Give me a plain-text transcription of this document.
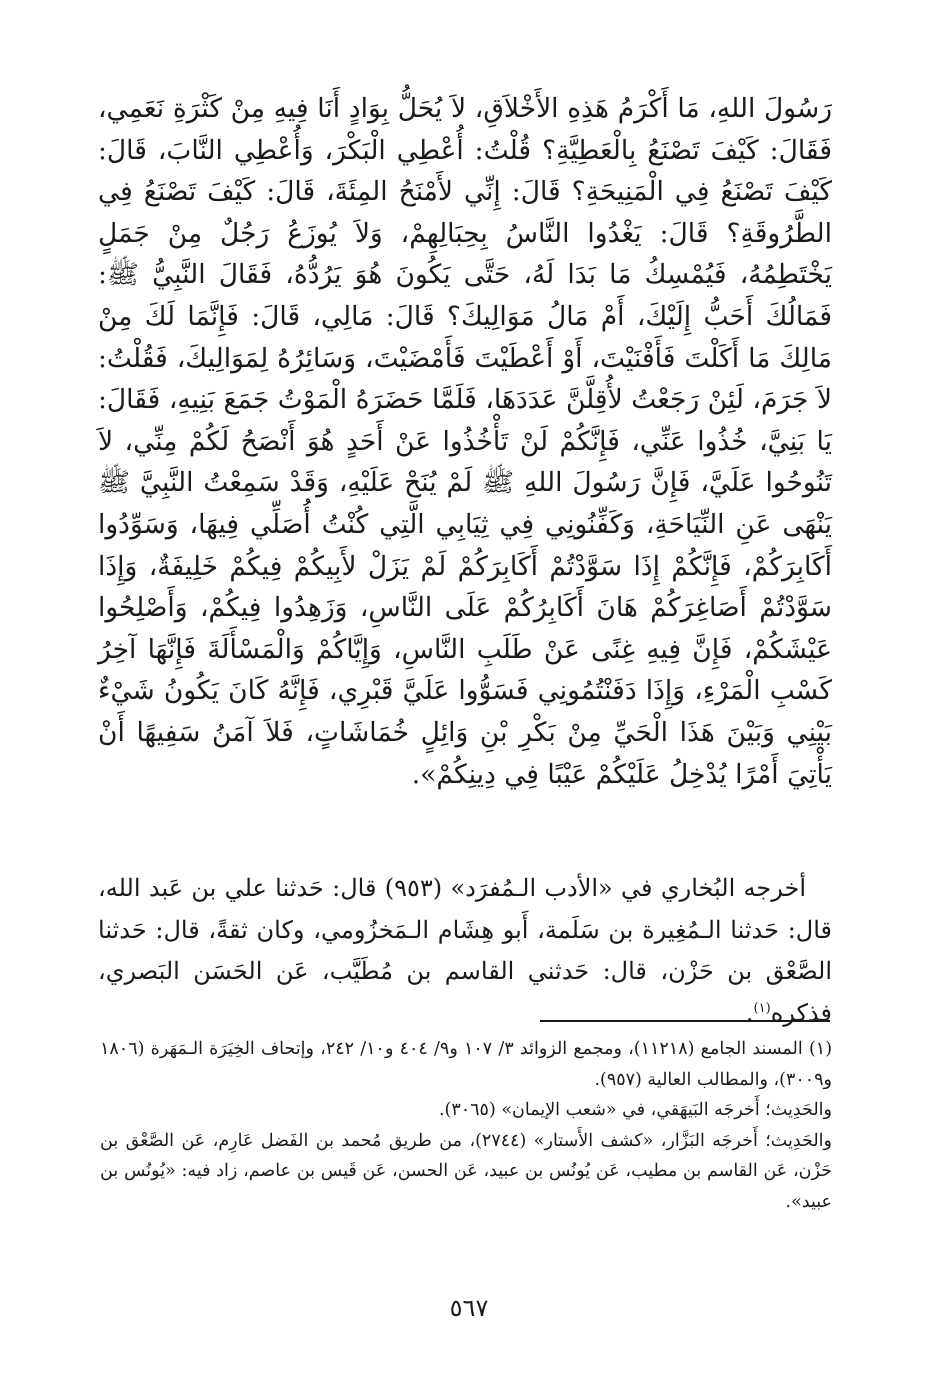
رَسُولَ اللهِ، مَا أَكْرَمُ هَذِهِ الأَخْلاَقِ، لاَ يُحَلُّ بِوَادٍ أَنَا فِيهِ مِنْ كَثْرَةِ نَعَمِي، فَقَالَ: كَيْفَ تَصْنَعُ بِالْعَطِيَّةِ؟ قُلْتُ: أُعْطِي الْبَكْرَ، وَأُعْطِي النَّابَ، قَالَ: كَيْفَ تَصْنَعُ فِي الْمَنِيحَةِ؟ قَالَ: إِنِّي لأَمْنَحُ المِئَةَ، قَالَ: كَيْفَ تَصْنَعُ فِي الطَّرُوقَةِ؟ قَالَ: يَغْدُوا النَّاسُ بِحِبَالِهِمْ، وَلاَ يُوزَعُ رَجُلٌ مِنْ جَمَلٍ يَخْتَطِمُهُ، فَيُمْسِكُ مَا بَدَا لَهُ، حَتَّى يَكُونَ هُوَ يَرُدُّهُ، فَقَالَ النَّبِيُّ ﷺ: فَمَالُكَ أَحَبُّ إِلَيْكَ، أَمْ مَالُ مَوَالِيكَ؟ قَالَ: مَالِي، قَالَ: فَإِنَّمَا لَكَ مِنْ مَالِكَ مَا أَكَلْتَ فَأَفْنَيْتَ، أَوْ أَعْطَيْتَ فَأَمْضَيْتَ، وَسَائِرُهُ لِمَوَالِيكَ، فَقُلْتُ: لاَ جَرَمَ، لَئِنْ رَجَعْتُ لأُقِلَّنَّ عَدَدَهَا، فَلَمَّا حَضَرَهُ الْمَوْتُ جَمَعَ بَنِيهِ، فَقَالَ: يَا بَنِيَّ، خُذُوا عَنِّي، فَإِنَّكُمْ لَنْ تَأْخُذُوا عَنْ أَحَدٍ هُوَ أَنْصَحُ لَكُمْ مِنِّي، لاَ تَنُوحُوا عَلَيَّ، فَإِنَّ رَسُولَ اللهِ ﷺ لَمْ يُنَحْ عَلَيْهِ، وَقَدْ سَمِعْتُ النَّبِيَّ ﷺ يَنْهَى عَنِ النِّيَاحَةِ، وَكَفِّنُونِي فِي ثِيَابِي الَّتِي كُنْتُ أُصَلِّي فِيهَا، وَسَوِّدُوا أَكَابِرَكُمْ، فَإِنَّكُمْ إِذَا سَوَّدْتُمْ أَكَابِرَكُمْ لَمْ يَزَلْ لأَبِيكُمْ فِيكُمْ خَلِيفَةٌ، وَإِذَا سَوَّدْتُمْ أَصَاغِرَكُمْ هَانَ أَكَابِرُكُمْ عَلَى النَّاسِ، وَزَهِدُوا فِيكُمْ، وَأَصْلِحُوا عَيْشَكُمْ، فَإِنَّ فِيهِ غِنًى عَنْ طَلَبِ النَّاسِ، وَإِيَّاكُمْ وَالْمَسْأَلَةَ فَإِنَّهَا آخِرُ كَسْبِ الْمَرْءِ، وَإِذَا دَفَنْتُمُونِي فَسَوُّوا عَلَيَّ قَبْرِي، فَإِنَّهُ كَانَ يَكُونُ شَيْءٌ بَيْنِي وَبَيْنَ هَذَا الْحَيِّ مِنْ بَكْرِ بْنِ وَائِلٍ خُمَاشَاتٍ، فَلاَ آمَنُ سَفِيهًا أَنْ يَأْتِيَ أَمْرًا يُدْخِلُ عَلَيْكُمْ عَيْبًا فِي دِينِكُمْ».

أخرجه البُخاري في «الأدب الـمُفرَد» (٩٥٣) قال: حَدثنا علي بن عَبد الله، قال: حَدثنا الـمُغِيرة بن سَلَمة، أَبو هِشَام الـمَخزُومي، وكان ثقةً، قال: حَدثنا الصَّعْق بن حَزْن، قال: حَدثني القاسم بن مُطَيَّب، عَن الحَسَن البَصري، فذكره$^{(١)}$.

(١) المسند الجامع (١١٢١٨)، ومجمع الزوائد ٣/ ١٠٧ و٩/ ٤٠٤ و١٠/ ٢٤٢، وإتحاف الخِيَرَة الـمَهَرة (١٨٠٦ و٣٠٠٩)، والمطالب العالية (٩٥٧).

والحَدِيث؛ أَخرجَه البَيهَقي، في «شعب الإيمان» (٣٠٦٥).

والحَدِيث؛ أَخرجَه البَزَّار، «كشف الأَستار» (٢٧٤٤)، من طريق مُحمد بن الفَضل عَارِم، عَن الصَّعْق بن حَزْن، عَن القاسم بن مطيب، عَن يُونُس بن عبيد، عَن الحسن، عَن قَيس بن عاصم، زاد فيه: «يُونُس بن عبيد».

٥٦٧
